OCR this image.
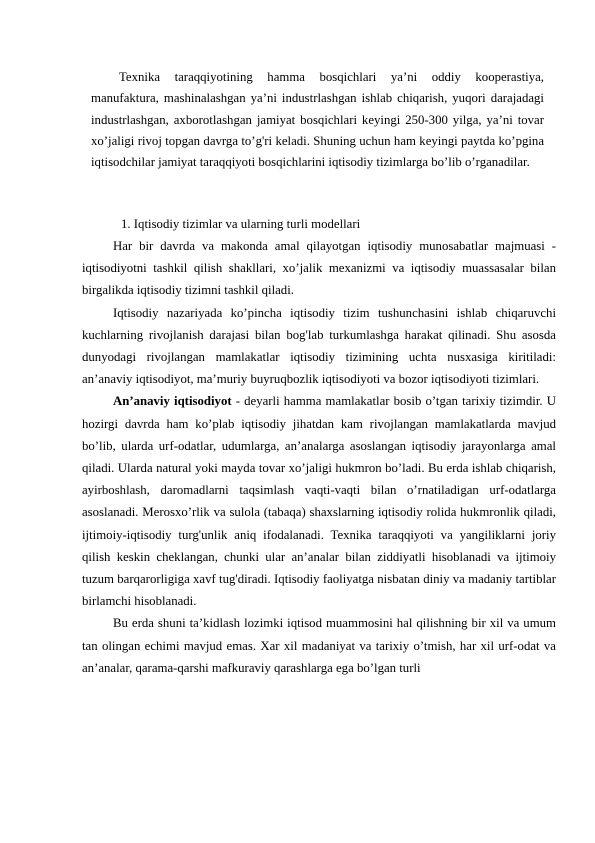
Texnika taraqqiyotining hamma bosqichlari ya’ni oddiy kooperastiya, manufaktura, mashinalashgan ya’ni industrlashgan ishlab chiqarish, yuqori darajadagi industrlashgan, axborotlashgan jamiyat bosqichlari keyingi 250-300 yilga, ya’ni tovar xo’jaligi rivoj topgan davrga to’g'ri keladi. Shuning uchun ham keyingi paytda ko’pgina iqtisodchilar jamiyat taraqqiyoti bosqichlarini iqtisodiy tizimlarga bo’lib o’rganadilar.

1. Iqtisodiy tizimlar va ularning turli modellari

Har bir davrda va makonda amal qilayotgan iqtisodiy munosabatlar majmuasi - iqtisodiyotni tashkil qilish shakllari, xo’jalik mexanizmi va iqtisodiy muassasalar bilan birgalikda iqtisodiy tizimni tashkil qiladi.

Iqtisodiy nazariyada ko’pincha iqtisodiy tizim tushunchasini ishlab chiqaruvchi kuchlarning rivojlanish darajasi bilan bog'lab turkumlashga harakat qilinadi. Shu asosda dunyodagi rivojlangan mamlakatlar iqtisodiy tizimining uchta nusxasiga kiritiladi: an’anaviy iqtisodiyot, ma’muriy buyruqbozlik iqtisodiyoti va bozor iqtisodiyoti tizimlari.

An’anaviy iqtisodiyot - deyarli hamma mamlakatlar bosib o’tgan tarixiy tizimdir. U hozirgi davrda ham ko’plab iqtisodiy jihatdan kam rivojlangan mamlakatlarda mavjud bo’lib, ularda urf-odatlar, udumlarga, an’analarga asoslangan iqtisodiy jarayonlarga amal qiladi. Ularda natural yoki mayda tovar xo’jaligi hukmron bo’ladi. Bu erda ishlab chiqarish, ayirboshlash, daromadlarni taqsimlash vaqti-vaqti bilan o’rnatiladigan urf-odatlarga asoslanadi. Merosxo’rlik va sulola (tabaqa) shaxslarning iqtisodiy rolida hukmronlik qiladi, ijtimoiy-iqtisodiy turg'unlik aniq ifodalanadi. Texnika taraqqiyoti va yangiliklarni joriy qilish keskin cheklangan, chunki ular an’analar bilan ziddiyatli hisoblanadi va ijtimoiy tuzum barqarorligiga xavf tug'diradi. Iqtisodiy faoliyatga nisbatan diniy va madaniy tartiblar birlamchi hisoblanadi.

Bu erda shuni ta’kidlash lozimki iqtisod muammosini hal qilishning bir xil va umum tan olingan echimi mavjud emas. Xar xil madaniyat va tarixiy o’tmish, har xil urf-odat va an’analar, qarama-qarshi mafkuraviy qarashlarga ega bo’lgan turli
